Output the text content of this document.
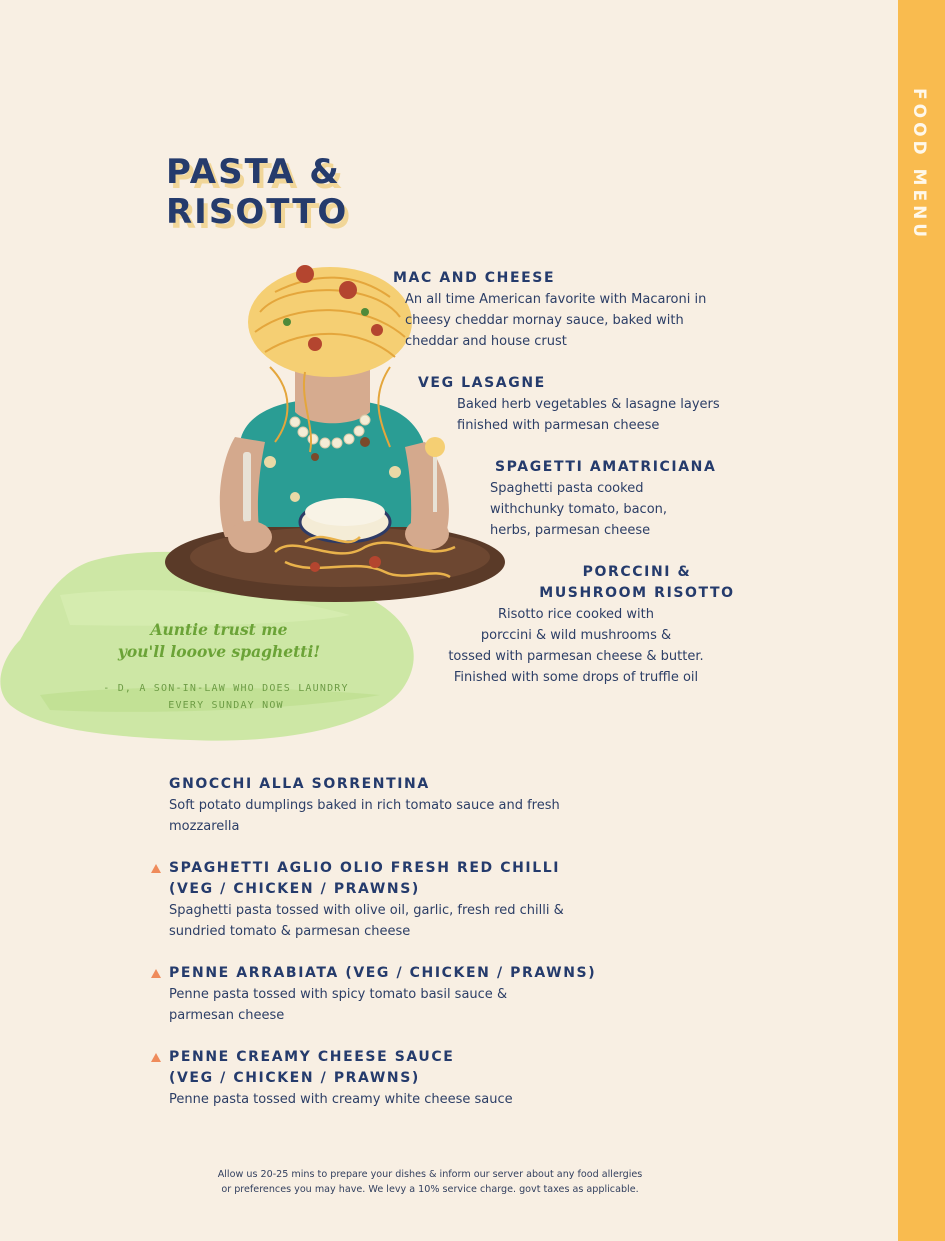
FOOD MENU
PASTA &
RISOTTO
Auntie trust me
you'll looove spaghetti!
- D, A SON-IN-LAW WHO DOES LAUNDRY
EVERY SUNDAY NOW
MAC AND CHEESE
An all time American favorite with Macaroni in
cheesy cheddar mornay sauce, baked with
cheddar and house crust
VEG LASAGNE
Baked herb vegetables & lasagne layers
finished with parmesan cheese
SPAGETTI AMATRICIANA
Spaghetti pasta cooked
withchunky tomato, bacon,
herbs, parmesan cheese
PORCCINI &
MUSHROOM RISOTTO
Risotto rice cooked with
porccini & wild mushrooms &
tossed with parmesan cheese & butter.
Finished with some drops of truffle oil
GNOCCHI ALLA SORRENTINA
Soft potato dumplings baked in rich tomato sauce and fresh
mozzarella
SPAGHETTI AGLIO OLIO FRESH RED CHILLI
(VEG / CHICKEN / PRAWNS)
Spaghetti pasta tossed with olive oil, garlic, fresh red chilli &
sundried tomato & parmesan cheese
PENNE ARRABIATA (VEG / CHICKEN / PRAWNS)
Penne pasta tossed with spicy tomato basil sauce &
parmesan cheese
PENNE CREAMY CHEESE SAUCE
(VEG / CHICKEN / PRAWNS)
Penne pasta tossed with creamy white cheese sauce
Allow us 20-25 mins to prepare your dishes & inform our server about any food allergies
or preferences you may have. We levy a 10% service charge. govt taxes as applicable.
